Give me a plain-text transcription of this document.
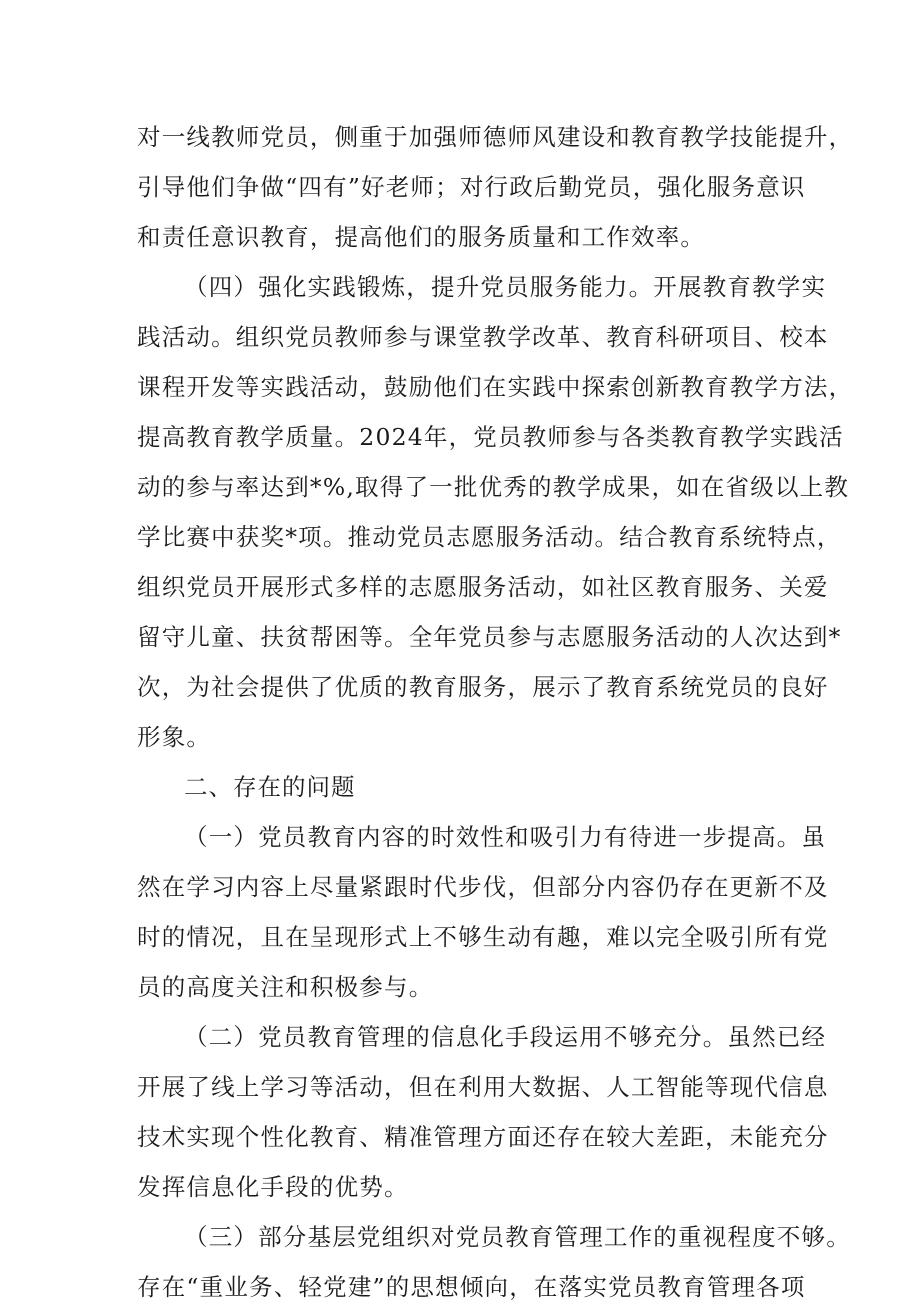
对一线教师党员，侧重于加强师德师风建设和教育教学技能提升，
引导他们争做“四有”好老师；对行政后勤党员，强化服务意识
和责任意识教育，提高他们的服务质量和工作效率。
（四）强化实践锻炼，提升党员服务能力。开展教育教学实
践活动。组织党员教师参与课堂教学改革、教育科研项目、校本
课程开发等实践活动，鼓励他们在实践中探索创新教育教学方法，
提高教育教学质量。2024年，党员教师参与各类教育教学实践活
动的参与率达到*%,取得了一批优秀的教学成果，如在省级以上教
学比赛中获奖*项。推动党员志愿服务活动。结合教育系统特点，
组织党员开展形式多样的志愿服务活动，如社区教育服务、关爱
留守儿童、扶贫帮困等。全年党员参与志愿服务活动的人次达到*
次，为社会提供了优质的教育服务，展示了教育系统党员的良好
形象。
二、存在的问题
（一）党员教育内容的时效性和吸引力有待进一步提高。虽
然在学习内容上尽量紧跟时代步伐，但部分内容仍存在更新不及
时的情况，且在呈现形式上不够生动有趣，难以完全吸引所有党
员的高度关注和积极参与。
（二）党员教育管理的信息化手段运用不够充分。虽然已经
开展了线上学习等活动，但在利用大数据、人工智能等现代信息
技术实现个性化教育、精准管理方面还存在较大差距，未能充分
发挥信息化手段的优势。
（三）部分基层党组织对党员教育管理工作的重视程度不够。
存在“重业务、轻党建”的思想倾向，在落实党员教育管理各项
